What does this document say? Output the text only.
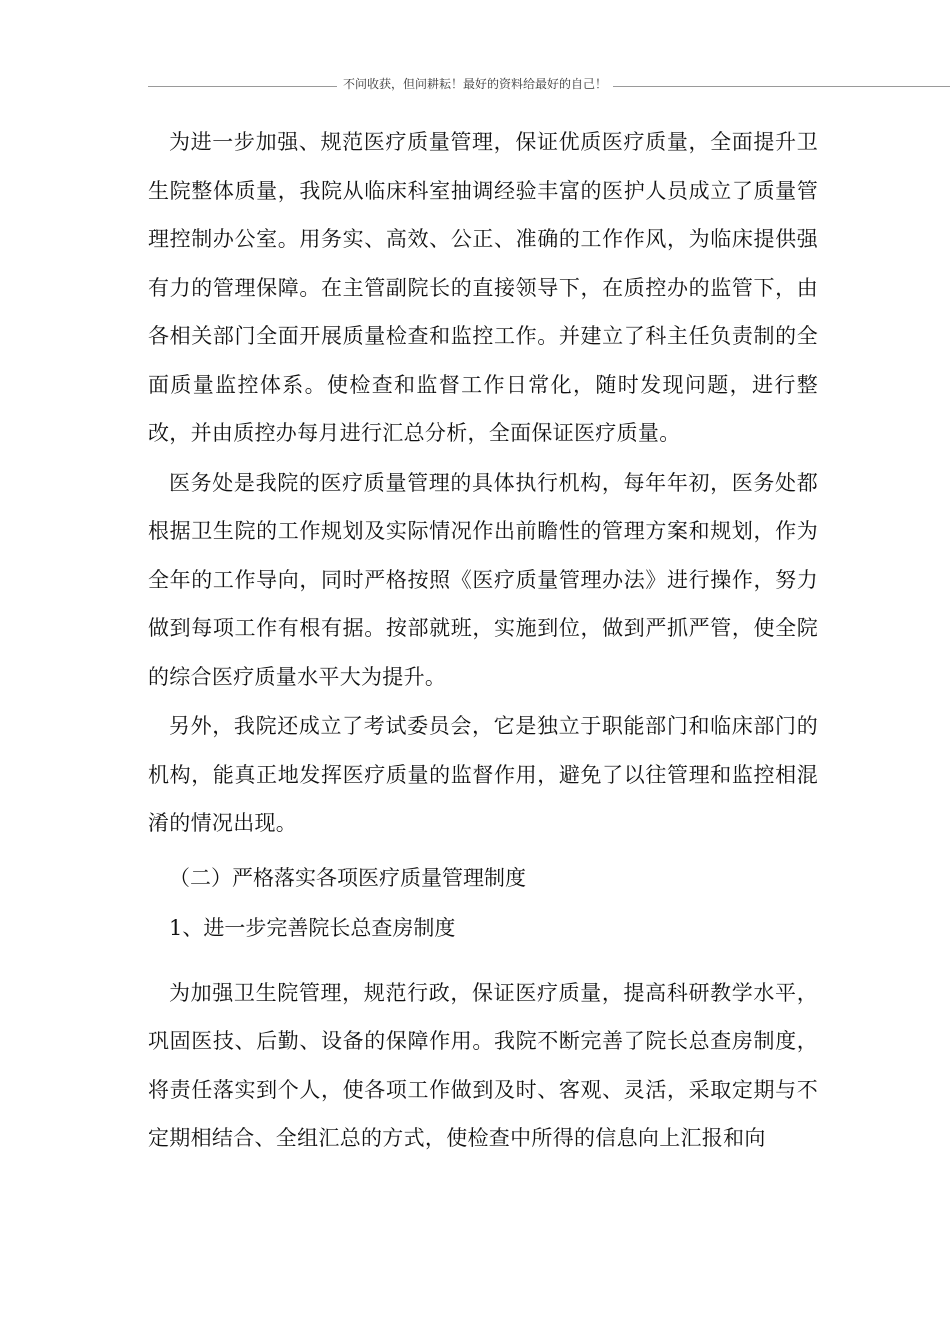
不问收获，但问耕耘！最好的资料给最好的自己！

为进一步加强、规范医疗质量管理，保证优质医疗质量，全面提升卫生院整体质量，我院从临床科室抽调经验丰富的医护人员成立了质量管理控制办公室。用务实、高效、公正、准确的工作作风，为临床提供强有力的管理保障。在主管副院长的直接领导下，在质控办的监管下，由各相关部门全面开展质量检查和监控工作。并建立了科主任负责制的全面质量监控体系。使检查和监督工作日常化，随时发现问题，进行整改，并由质控办每月进行汇总分析，全面保证医疗质量。

医务处是我院的医疗质量管理的具体执行机构，每年年初，医务处都根据卫生院的工作规划及实际情况作出前瞻性的管理方案和规划，作为全年的工作导向，同时严格按照《医疗质量管理办法》进行操作，努力做到每项工作有根有据。按部就班，实施到位，做到严抓严管，使全院的综合医疗质量水平大为提升。

另外，我院还成立了考试委员会，它是独立于职能部门和临床部门的机构，能真正地发挥医疗质量的监督作用，避免了以往管理和监控相混淆的情况出现。

（二）严格落实各项医疗质量管理制度

1、进一步完善院长总查房制度

为加强卫生院管理，规范行政，保证医疗质量，提高科研教学水平，巩固医技、后勤、设备的保障作用。我院不断完善了院长总查房制度，将责任落实到个人，使各项工作做到及时、客观、灵活，采取定期与不定期相结合、全组汇总的方式，使检查中所得的信息向上汇报和向
